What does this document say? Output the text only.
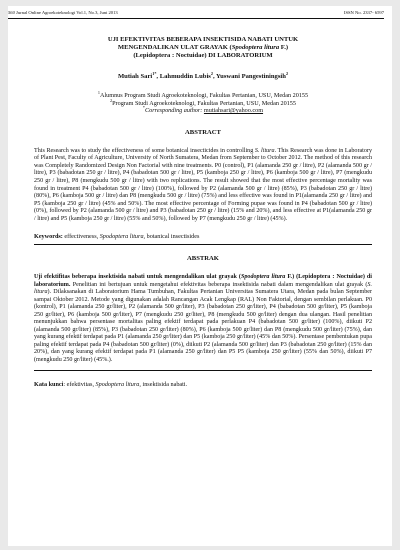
560 Jurnal Online Agroekoteknologi Vol.1, No.3, Juni 2013	ISSN No. 2337- 6597
UJI EFEKTIVITAS BEBERAPA INSEKTISIDA NABATI UNTUK
MENGENDALIKAN ULAT GRAYAK (Spodoptera litura F.)
(Lepidoptera : Noctuidae) DI LABORATORIUM
Mutiah Sari$^{1*}$, Lahmuddin Lubis$^2$, Yuswani Pangestiningsih$^2$
$^1$Alumnus Program Studi Agroekoteknologi, Fakultas Pertanian, USU, Medan 20155
$^2$Program Studi Agroekoteknologi, Fakultas Pertanian, USU, Medan 20155
*Corresponding author: mutiahsari@yahoo.com
ABSTRACT
This Research was to study the effectiveness of some botanical insecticides in controlling S. litura. This Research was done in Laboratory of Plant Pest, Faculty of Agriculture, University of North Sumatera, Medan from September to October 2012. The method of this research was Completely Randomized Design Non Factorial with nine treatments. P0 (control), P1 (alamanda 250 gr / litre), P2 (alamanda 500 gr / litre), P3 (babadotan 250 gr / litre), P4 (babadotan 500 gr / litre), P5 (kamboja 250 gr / litre), P6 (kamboja 500 gr / litre), P7 (mengkudu 250 gr / litre), P8 (mengkudu 500 gr / litre) with two replications. The result showed that the most effective percentage mortality was found in treatment P4 (babadotan 500 gr / litre) (100%), followed by P2 (alamanda 500 gr / litre) (85%), P3 (babadotan 250 gr / litre) (80%), P6 (kamboja 500 gr / litre) dan P8 (mengkudu 500 gr / litre) (75%) and less effective was found in P1(alamanda 250 gr / litre) and P5 (kamboja 250 gr / litre) (45% and 50%). The most effective percentage of Forming pupae was found in P4 (babadotan 500 gr / litre) (0%), followed by P2 (alamanda 500 gr / litre) and P3 (babadotan 250 gr / litre) (15% and 20%), and less effective at P1(alamanda 250 gr / litre) and P5 (kamboja 250 gr / litre) (55% and 50%), followed by P7 (mengkudu 250 gr / litre) (45%).
Keywords: effectiveness, Spodoptera litura, botanical insectisides
ABSTRAK
Uji efektifitas beberapa insektisida nabati untuk mengendalikan ulat grayak (Spodoptera litura F.) (Lepidoptera : Noctuidae) di laboratorium. Penelitian ini bertujuan untuk mengetahui efektivitas beberapa insektisida nabati dalam mengendalikan ulat grayak (S. litura). Dilaksanakan di Laboratorium Hama Tumbuhan, Fakultas Pertanian Universitas Sumatera Utara, Medan pada bulan September sampai Oktober 2012. Metode yang digunakan adalah Rancangan Acak Lengkap (RAL) Non Faktorial, dengan sembilan perlakuan. P0 (kontrol), P1 (alamanda 250 gr/liter), P2 (alamanda 500 gr/liter), P3 (babadotan 250 gr/liter), P4 (babadotan 500 gr/liter), P5 (kamboja 250 gr/liter), P6 (kamboja 500 gr/liter), P7 (mengkudu 250 gr/liter), P8 (mengkudu 500 gr/liter) dengan dua ulangan. Hasil penelitian menunjukkan bahwa persentase mortalitas paling efektif terdapat pada perlakuan P4 (babadotan 500 gr/liter) (100%), diikuti P2 (alamanda 500 gr/liter) (85%), P3 (babadotan 250 gr/liter) (80%), P6 (kamboja 500 gr/liter) dan P8 (mengkudu 500 gr/liter) (75%), dan yang kurang efektif terdapat pada P1 (alamanda 250 gr/liter) dan P5 (kamboja 250 gr/liter) (45% dan 50%). Persentase pembentukan pupa paling efektif terdapat pada P4 (babadotan 500 gr/liter) (0%), diikuti P2 (alamanda 500 gr/liter) dan P3 (babadotan 250 gr/liter) (15% dan 20%), dan yang kurang efektif terdapat pada P1 (alamanda 250 gr/liter) dan P5 P5 (kamboja 250 gr/liter) (55% dan 50%), diikuti P7 (mengkudu 250 gr/liter) (45%.).
Kata kunci: efektivitas, Spodoptera litura, insektisida nabati.
